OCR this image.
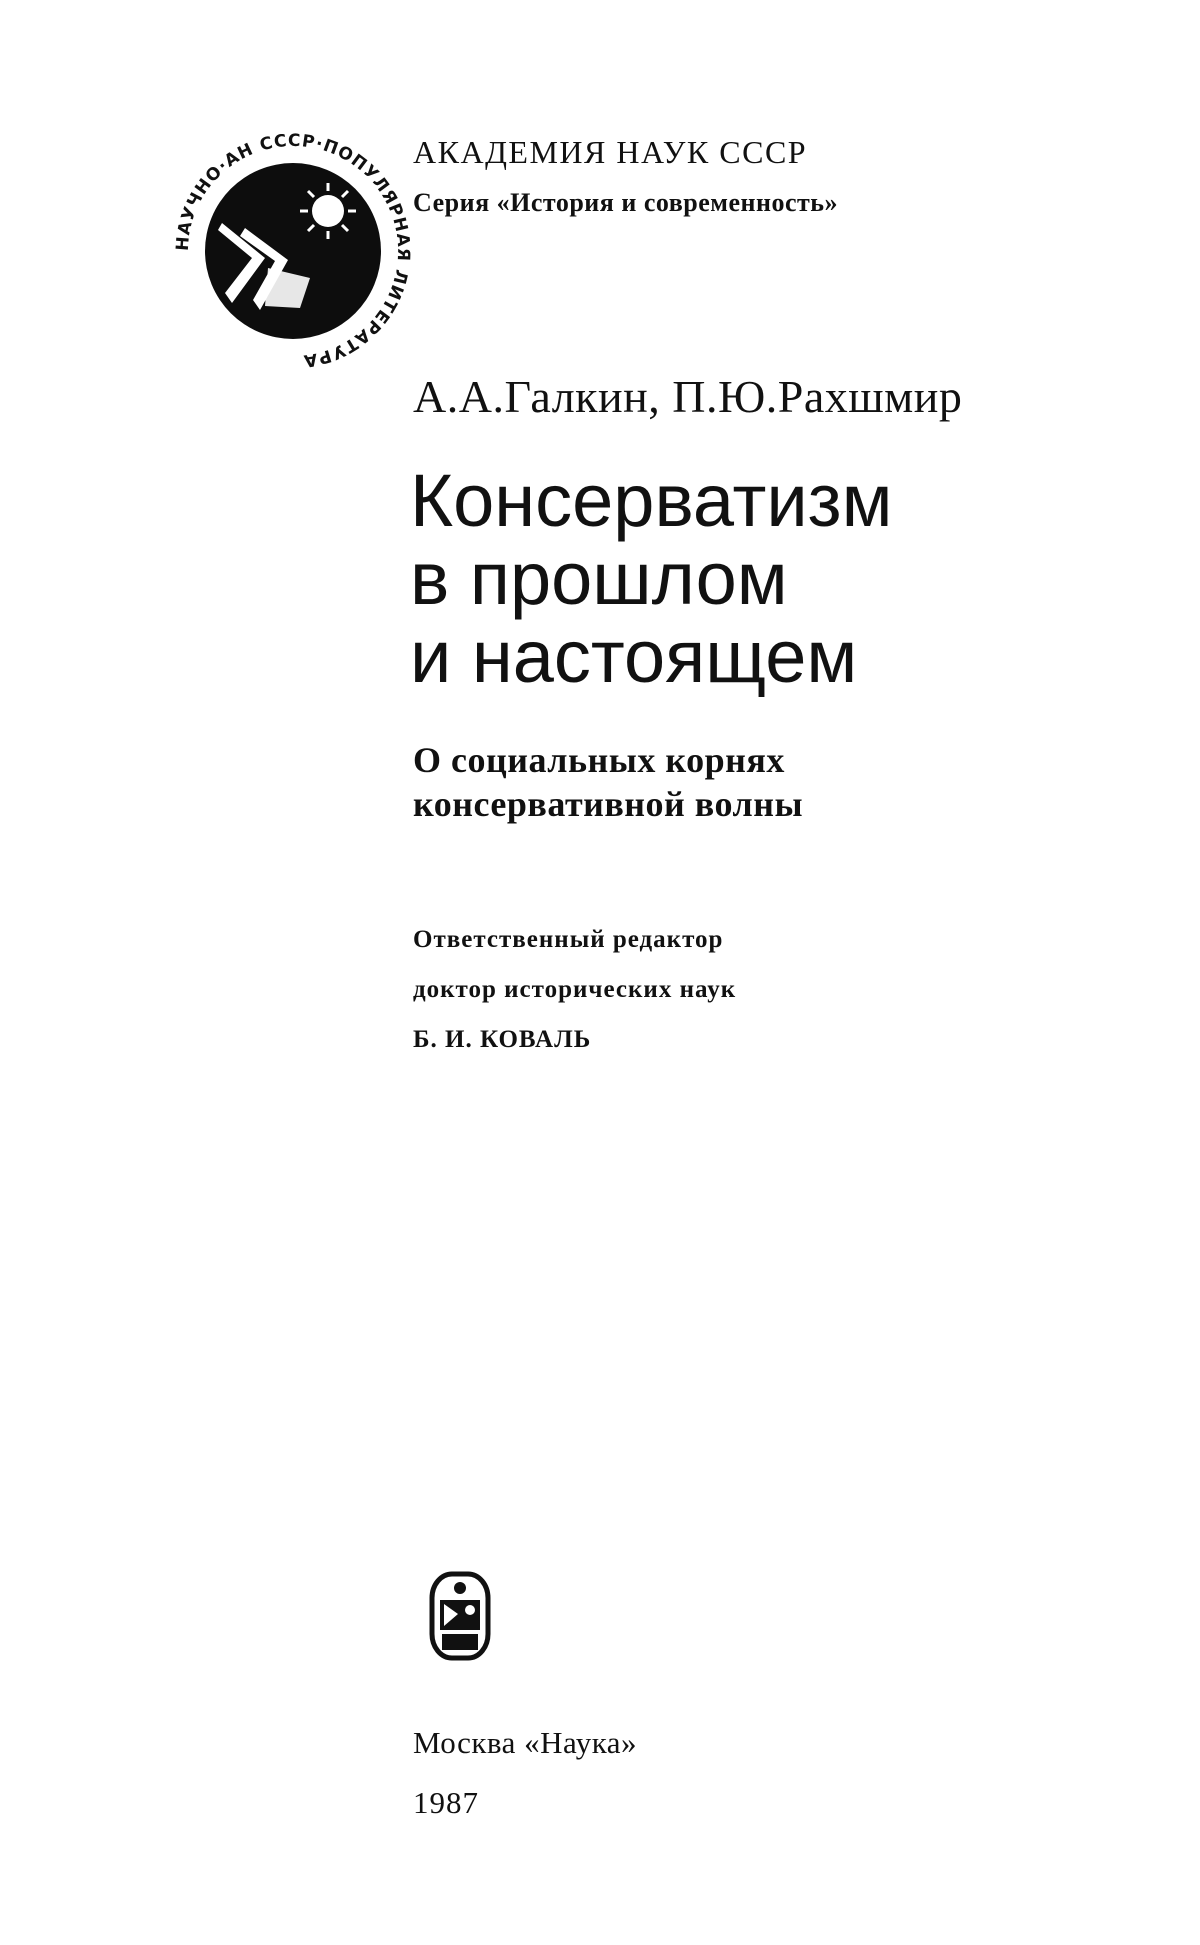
НАУЧНО·АН СССР·ПОПУЛЯРНАЯ ЛИТЕРАТУРА
АКАДЕМИЯ НАУК СССР
Серия «История и современность»
А.А.Галкин, П.Ю.Рахшмир
Консерватизм
в прошлом
и настоящем
О социальных корнях
консервативной волны
Ответственный редактор
доктор исторических наук
Б. И. КОВАЛЬ
Москва «Наука»
1987
